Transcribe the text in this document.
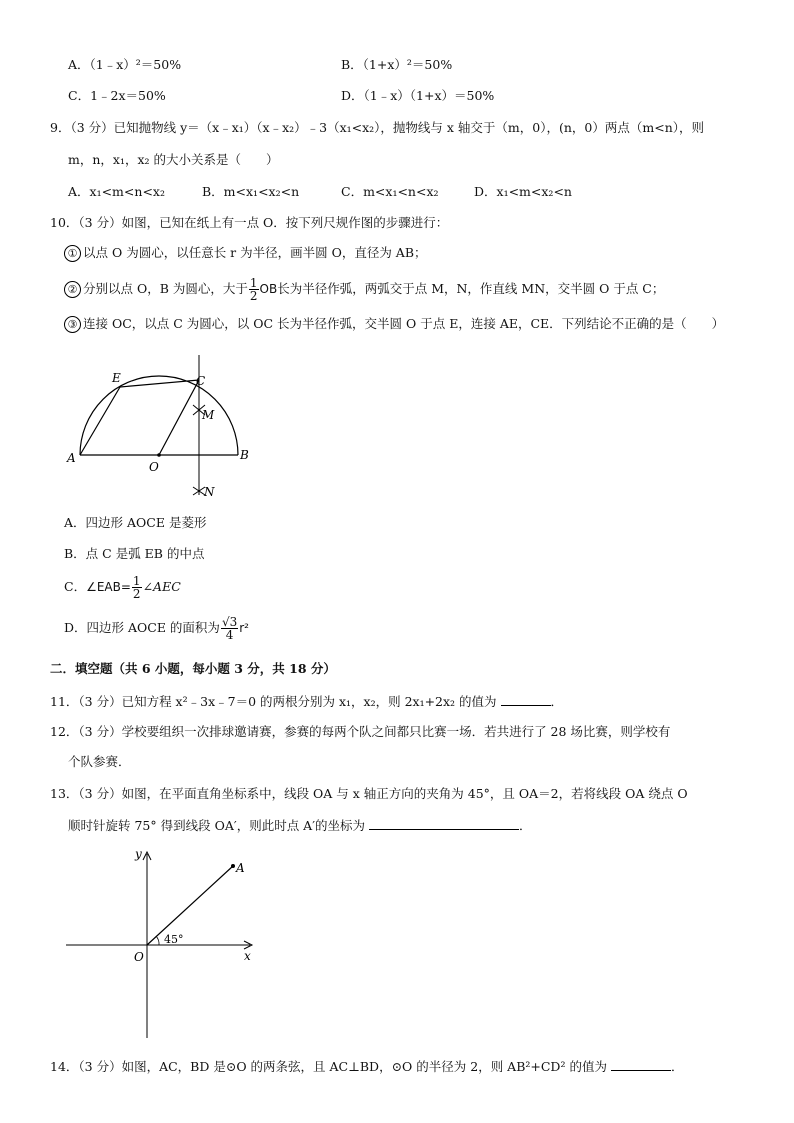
A．（1﹣x）²＝50%	B．（1+x）²＝50%
C．1﹣2x＝50%	D．（1﹣x）（1+x）＝50%
9．（3 分）已知抛物线 y＝（x﹣x₁）（x﹣x₂）﹣3（x₁<x₂），抛物线与 x 轴交于（m，0），(n，0）两点（m<n），则
m，n，x₁，x₂ 的大小关系是（　　）
A．x₁<m<n<x₂	B．m<x₁<x₂<n	C．m<x₁<n<x₂	D．x₁<m<x₂<n
10．（3 分）如图，已知在纸上有一点 O．按下列尺规作图的步骤进行：
① 以点 O 为圆心，以任意长 r 为半径，画半圆 O，直径为 AB；
② 分别以点 O，B 为圆心，大于 $\frac{1}{2}$ OB长为半径作弧，两弧交于点 M，N，作直线 MN，交半圆 O 于点 C；
③ 连接 OC，以点 C 为圆心，以 OC 长为半径作弧，交半圆 O 于点 E，连接 AE，CE．下列结论不正确的是（　　）
E	C
M
A
O
B
N
A．四边形 AOCE 是菱形
B．点 C 是弧 EB 的中点
C．∠EAB= $\frac{1}{2}$ ∠AEC
D．四边形 AOCE 的面积为 $\frac{√3}{4} r^2$
二．填空题（共 6 小题，每小题 3 分，共 18 分）
11．（3 分）已知方程 x²﹣3x﹣7＝0 的两根分别为 x₁，x₂，则 2x₁+2x₂ 的值为	．
12．（3 分）学校要组织一次排球邀请赛，参赛的每两个队之间都只比赛一场．若共进行了 28 场比赛，则学校有
个队参赛．
13．（3 分）如图，在平面直角坐标系中，线段 OA 与 x 轴正方向的夹角为 45°，且 OA＝2，若将线段 OA 绕点 O
顺时针旋转 75° 得到线段 OA′，则此时点 A′的坐标为	．
y
x
O
A
45°
14．（3 分）如图，AC，BD 是⊙O 的两条弦，且 AC⊥BD，⊙O 的半径为 2，则 AB²+CD² 的值为	．
